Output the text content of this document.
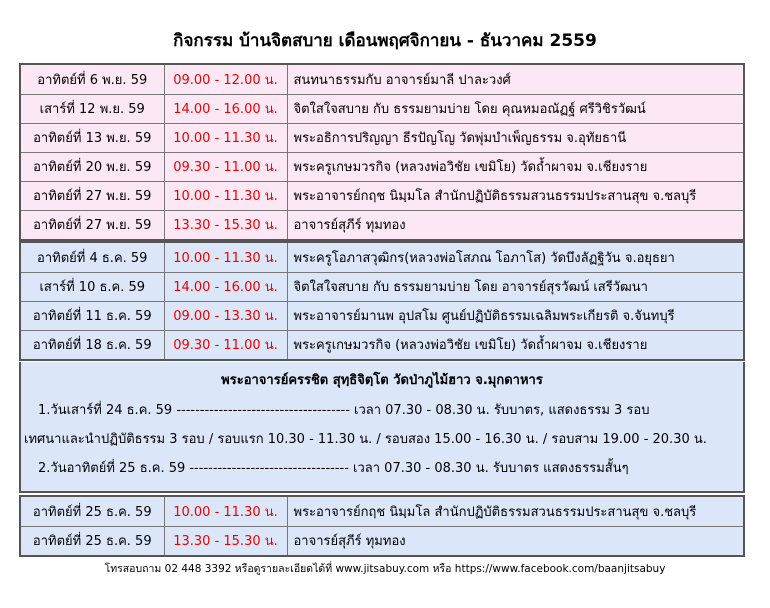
กิจกรรม บ้านจิตสบาย เดือนพฤศจิกายน - ธันวาคม 2559
อาทิตย์ที่ 6 พ.ย. 59	09.00 - 12.00 น.	สนทนาธรรมกับ อาจารย์มาลี ปาละวงศ์
เสาร์ที่ 12 พ.ย. 59	14.00 - 16.00 น.	จิตใสใจสบาย กับ ธรรมยามบ่าย โดย คุณหมอณัฏฐ์ ศรีวิชิรวัฒน์
อาทิตย์ที่ 13 พ.ย. 59	10.00 - 11.30 น.	พระอธิการปริญญา ธีรปัญโญ วัดพุ่มบำเพ็ญธรรม จ.อุทัยธานี
อาทิตย์ที่ 20 พ.ย. 59	09.30 - 11.00 น.	พระครูเกษมวรกิจ (หลวงพ่อวิชัย เขมิโย) วัดถ้ำผาจม จ.เชียงราย
อาทิตย์ที่ 27 พ.ย. 59	10.00 - 11.30 น.	พระอาจารย์กฤช นิมฺมโล สำนักปฏิบัติธรรมสวนธรรมประสานสุข จ.ชลบุรี
อาทิตย์ที่ 27 พ.ย. 59	13.30 - 15.30 น.	อาจารย์สุภีร์ ทุมทอง
อาทิตย์ที่ 4 ธ.ค. 59	10.00 - 11.30 น.	พระครูโอภาสวุฒิกร(หลวงพ่อโสภณ โอภาโส) วัดบึงลัฏฐิวัน จ.อยุธยา
เสาร์ที่ 10 ธ.ค. 59	14.00 - 16.00 น.	จิตใสใจสบาย กับ ธรรมยามบ่าย โดย อาจารย์สุรวัฒน์ เสรีวัฒนา
อาทิตย์ที่ 11 ธ.ค. 59	09.00 - 13.30 น.	พระอาจารย์มานพ อุปสโม ศูนย์ปฏิบัติธรรมเฉลิมพระเกียรติ จ.จันทบุรี
อาทิตย์ที่ 18 ธ.ค. 59	09.30 - 11.00 น.	พระครูเกษมวรกิจ (หลวงพ่อวิชัย เขมิโย) วัดถ้ำผาจม จ.เชียงราย
พระอาจารย์ครรชิต สุทฺธิจิตฺโต วัดป่าภูไม้ฮาว จ.มุกดาหาร
1.วันเสาร์ที่ 24 ธ.ค. 59 ------------------------------------- เวลา 07.30 - 08.30 น. รับบาตร, แสดงธรรม 3 รอบ
เทศนาและนำปฏิบัติธรรม 3 รอบ / รอบแรก 10.30 - 11.30 น. / รอบสอง 15.00 - 16.30 น. / รอบสาม 19.00 - 20.30 น.
2.วันอาทิตย์ที่ 25 ธ.ค. 59 ---------------------------------- เวลา 07.30 - 08.30 น. รับบาตร แสดงธรรมสั้นๆ
อาทิตย์ที่ 25 ธ.ค. 59	10.00 - 11.30 น.	พระอาจารย์กฤช นิมฺมโล สำนักปฏิบัติธรรมสวนธรรมประสานสุข จ.ชลบุรี
อาทิตย์ที่ 25 ธ.ค. 59	13.30 - 15.30 น.	อาจารย์สุภีร์ ทุมทอง
โทรสอบถาม 02 448 3392 หรือดูรายละเอียดได้ที่ www.jitsabuy.com หรือ https://www.facebook.com/baanjitsabuy
